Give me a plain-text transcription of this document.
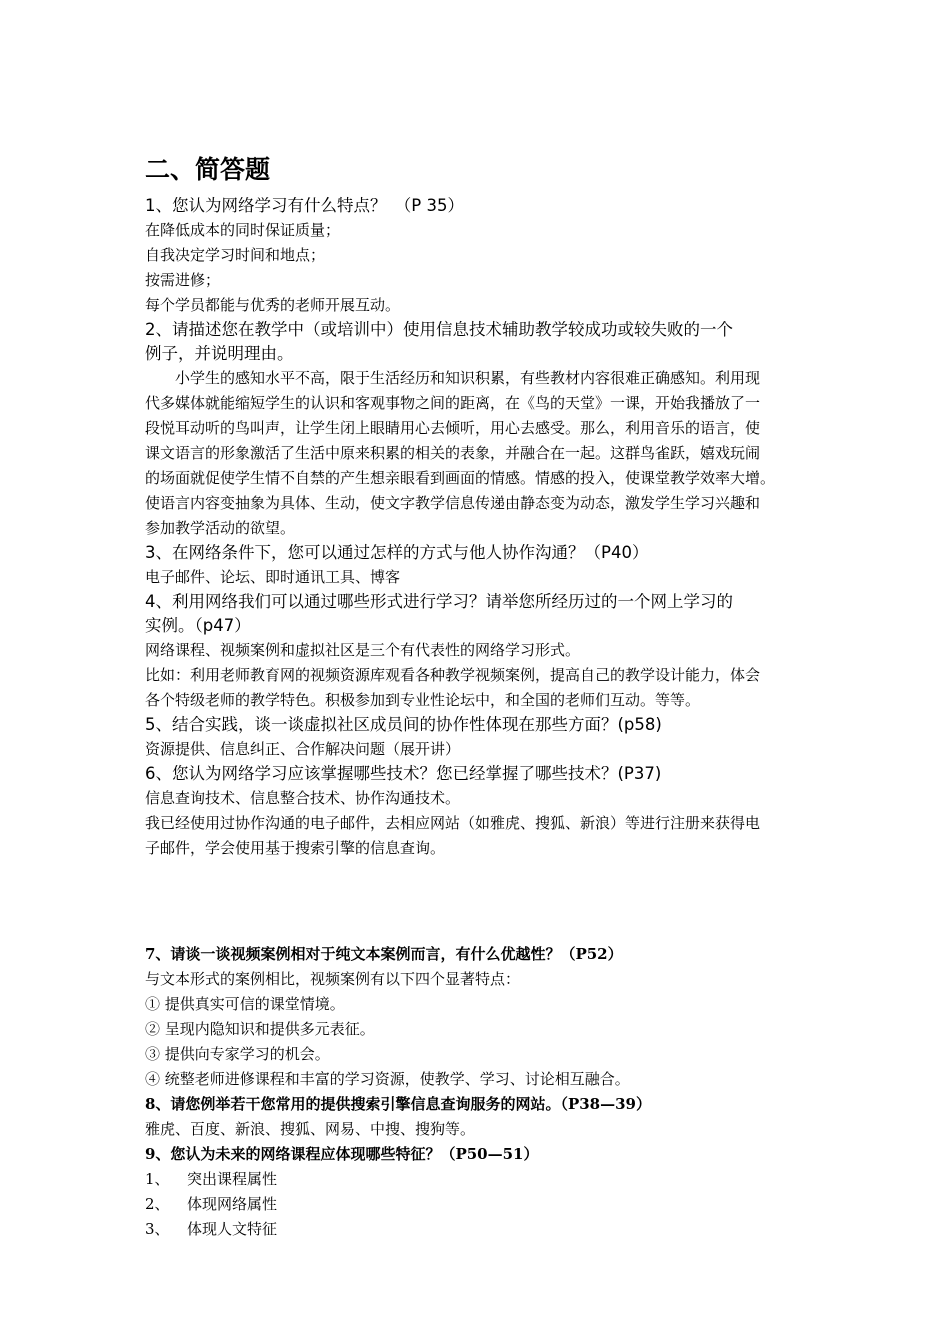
二、简答题

1、您认为网络学习有什么特点？　（P 35）

在降低成本的同时保证质量；

自我决定学习时间和地点；

按需进修；

每个学员都能与优秀的老师开展互动。

2、请描述您在教学中（或培训中）使用信息技术辅助教学较成功或较失败的一个

例子，并说明理由。

　　小学生的感知水平不高，限于生活经历和知识积累，有些教材内容很难正确感知。利用现
代多媒体就能缩短学生的认识和客观事物之间的距离，在《鸟的天堂》一课，开始我播放了一
段悦耳动听的鸟叫声，让学生闭上眼睛用心去倾听，用心去感受。那么，利用音乐的语言，使
课文语言的形象激活了生活中原来积累的相关的表象，并融合在一起。这群鸟雀跃，嬉戏玩闹
的场面就促使学生情不自禁的产生想亲眼看到画面的情感。情感的投入，使课堂教学效率大增。
使语言内容变抽象为具体、生动，使文字教学信息传递由静态变为动态，激发学生学习兴趣和
参加教学活动的欲望。

3、在网络条件下，您可以通过怎样的方式与他人协作沟通？（P40）

电子邮件、论坛、即时通讯工具、博客

4、利用网络我们可以通过哪些形式进行学习？请举您所经历过的一个网上学习的

实例。（p47）

网络课程、视频案例和虚拟社区是三个有代表性的网络学习形式。

比如：利用老师教育网的视频资源库观看各种教学视频案例，提高自己的教学设计能力，体会

各个特级老师的教学特色。积极参加到专业性论坛中，和全国的老师们互动。等等。

5、结合实践，谈一谈虚拟社区成员间的协作性体现在那些方面？(p58)

资源提供、信息纠正、合作解决问题（展开讲）

6、您认为网络学习应该掌握哪些技术？您已经掌握了哪些技术？(P37)

信息查询技术、信息整合技术、协作沟通技术。

我已经使用过协作沟通的电子邮件，去相应网站（如雅虎、搜狐、新浪）等进行注册来获得电

子邮件，学会使用基于搜索引擎的信息查询。

7、请谈一谈视频案例相对于纯文本案例而言，有什么优越性？（P52）

与文本形式的案例相比，视频案例有以下四个显著特点：

① 提供真实可信的课堂情境。

② 呈现内隐知识和提供多元表征。

③ 提供向专家学习的机会。

④ 统整老师进修课程和丰富的学习资源，使教学、学习、讨论相互融合。

8、请您例举若干您常用的提供搜索引擎信息查询服务的网站。（P38—39）

雅虎、百度、新浪、搜狐、网易、中搜、搜狗等。

9、您认为未来的网络课程应体现哪些特征？（P50—51）

1、 突出课程属性

2、 体现网络属性

3、 体现人文特征
